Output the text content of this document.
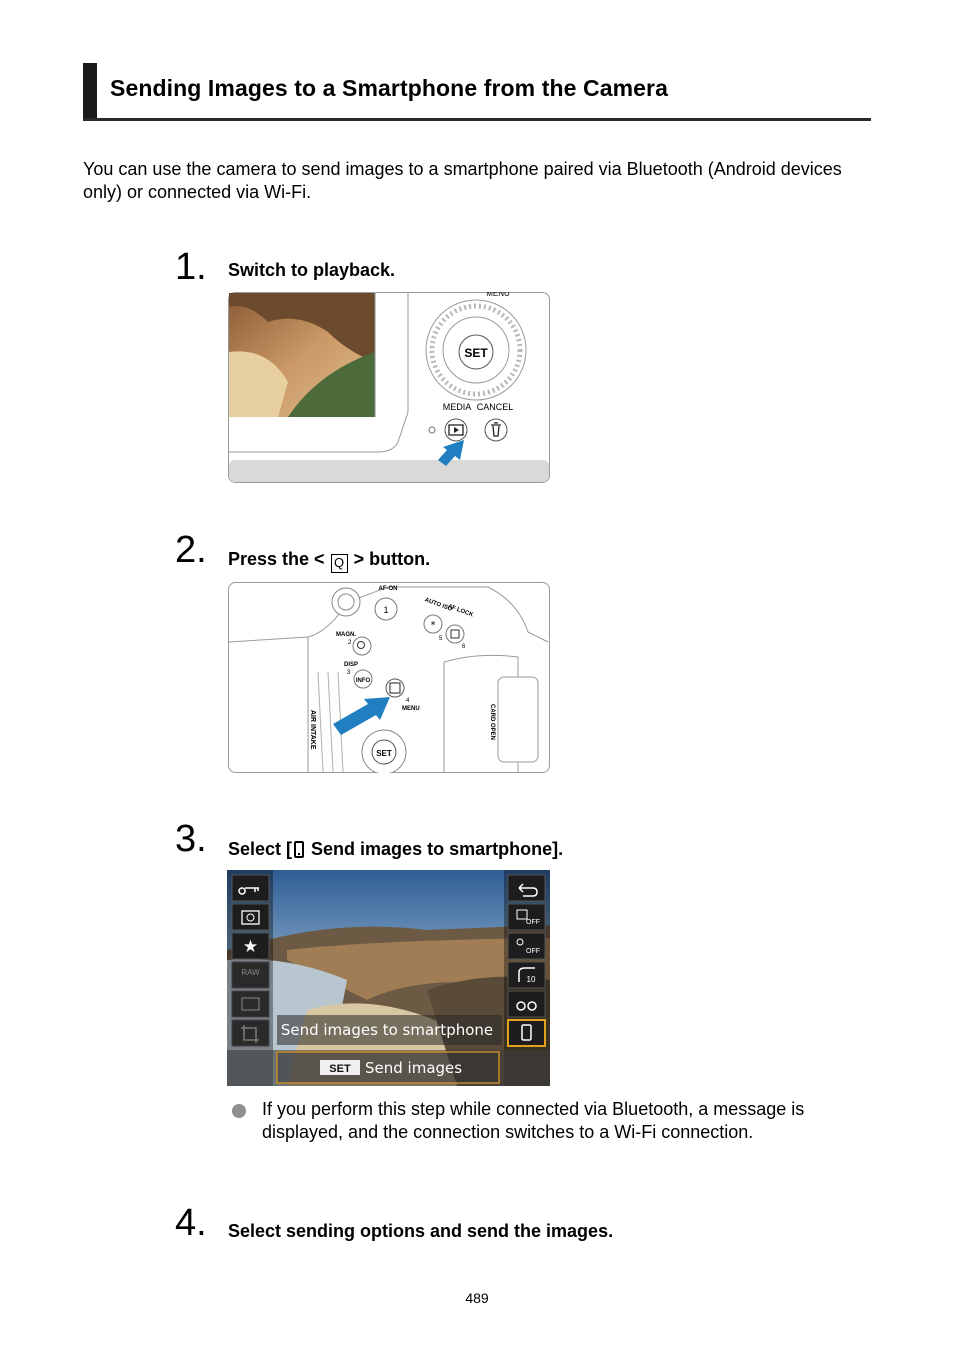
Sending Images to a Smartphone from the Camera

You can use the camera to send images to a smartphone paired via Bluetooth (Android devices only) or connected via Wi-Fi.

1. Switch to playback.
SET
MENU
MEDIA CANCEL
2. Press the < Q > button.
1
AF-ON
AUTO ISO
AF LOCK
*
5
6
MAGN.
2
DISP
3
INFO
4
MENU
SET
AIR INTAKE	CARD OPEN
3. Select [ Send images to smartphone].
★
RAW
OFF
OFF
10
Send images to smartphone
SET Send images

If you perform this step while connected via Bluetooth, a message is displayed, and the connection switches to a Wi-Fi connection.

4. Select sending options and send the images.
489
